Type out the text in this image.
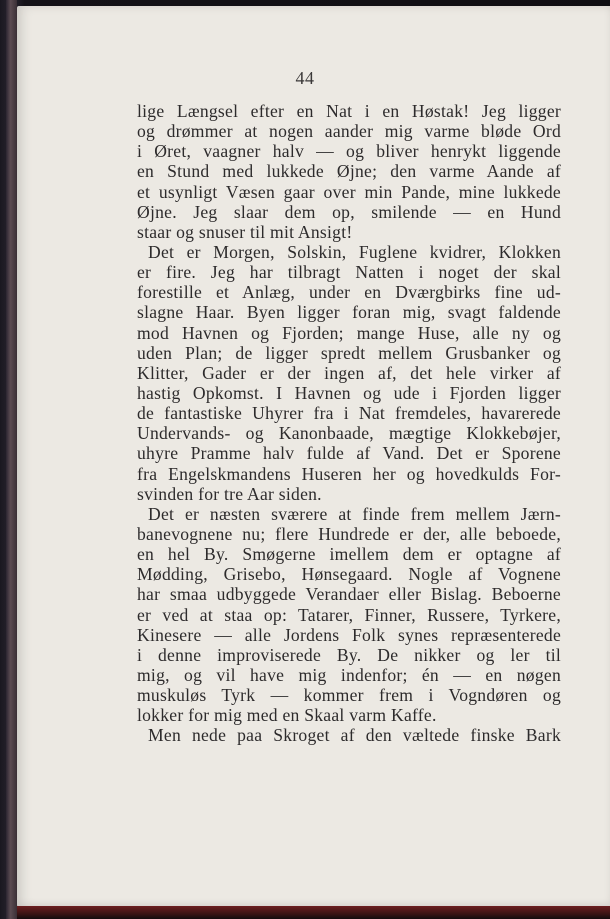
44
lige Længsel efter en Nat i en Høstak! Jeg ligger
og drømmer at nogen aander mig varme bløde Ord
i Øret, vaagner halv — og bliver henrykt liggende
en Stund med lukkede Øjne; den varme Aande af
et usynligt Væsen gaar over min Pande, mine lukkede
Øjne. Jeg slaar dem op, smilende — en Hund
staar og snuser til mit Ansigt!
Det er Morgen, Solskin, Fuglene kvidrer, Klokken
er fire. Jeg har tilbragt Natten i noget der skal
forestille et Anlæg, under en Dværgbirks fine ud-
slagne Haar. Byen ligger foran mig, svagt faldende
mod Havnen og Fjorden; mange Huse, alle ny og
uden Plan; de ligger spredt mellem Grusbanker og
Klitter, Gader er der ingen af, det hele virker af
hastig Opkomst. I Havnen og ude i Fjorden ligger
de fantastiske Uhyrer fra i Nat fremdeles, havarerede
Undervands- og Kanonbaade, mægtige Klokkebøjer,
uhyre Pramme halv fulde af Vand. Det er Sporene
fra Engelskmandens Huseren her og hovedkulds For-
svinden for tre Aar siden.
Det er næsten sværere at finde frem mellem Jærn-
banevognene nu; flere Hundrede er der, alle beboede,
en hel By. Smøgerne imellem dem er optagne af
Mødding, Grisebo, Hønsegaard. Nogle af Vognene
har smaa udbyggede Verandaer eller Bislag. Beboerne
er ved at staa op: Tatarer, Finner, Russere, Tyrkere,
Kinesere — alle Jordens Folk synes repræsenterede
i denne improviserede By. De nikker og ler til
mig, og vil have mig indenfor; én — en nøgen
muskuløs Tyrk — kommer frem i Vogndøren og
lokker for mig med en Skaal varm Kaffe.
Men nede paa Skroget af den væltede finske Bark
